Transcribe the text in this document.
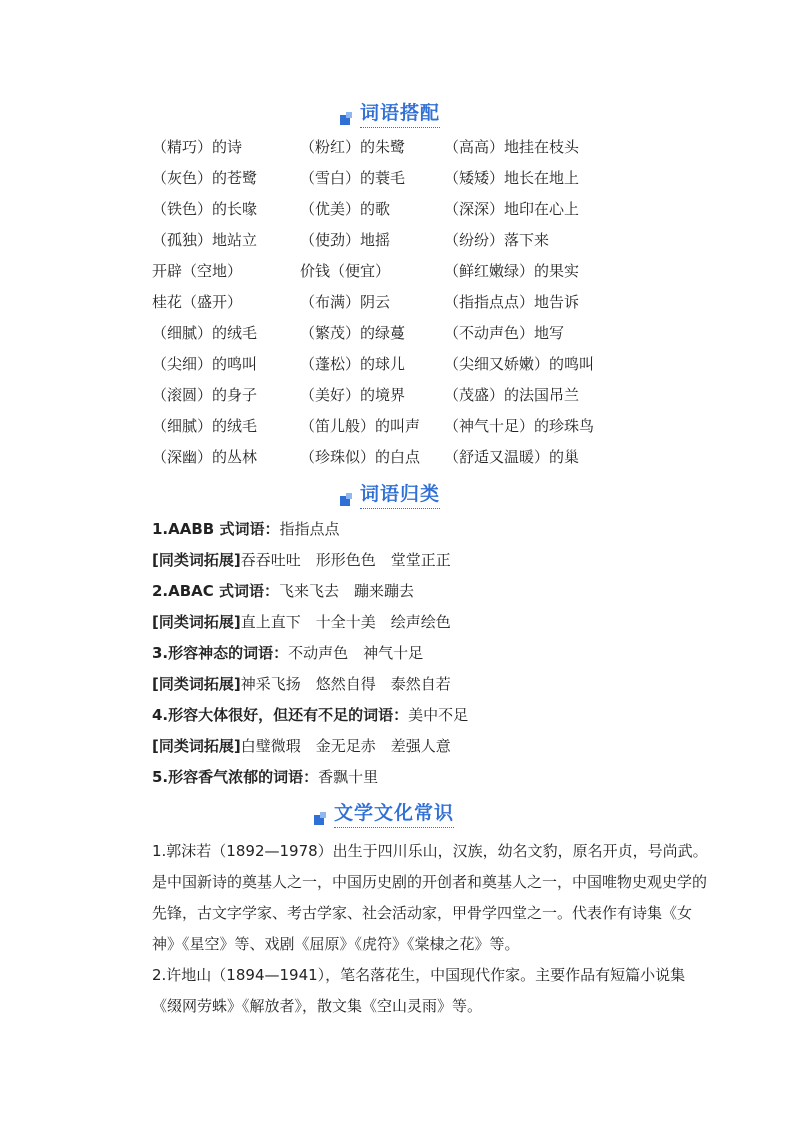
词语搭配
（精巧）的诗	（粉红）的朱鹭	（高高）地挂在枝头
（灰色）的苍鹭	（雪白）的蓑毛	（矮矮）地长在地上
（铁色）的长喙	（优美）的歌	（深深）地印在心上
（孤独）地站立	（使劲）地摇	（纷纷）落下来
开辟（空地）	价钱（便宜）	（鲜红嫩绿）的果实
桂花（盛开）	（布满）阴云	（指指点点）地告诉
（细腻）的绒毛	（繁茂）的绿蔓	（不动声色）地写
（尖细）的鸣叫	（蓬松）的球儿	（尖细又娇嫩）的鸣叫
（滚圆）的身子	（美好）的境界	（茂盛）的法国吊兰
（细腻）的绒毛	（笛儿般）的叫声 （神气十足）的珍珠鸟
（深幽）的丛林	（珍珠似）的白点 （舒适又温暖）的巢
词语归类
1.AABB 式词语：指指点点
[同类词拓展]吞吞吐吐　形形色色　堂堂正正
2.ABAC 式词语：飞来飞去　蹦来蹦去
[同类词拓展]直上直下　十全十美　绘声绘色
3.形容神态的词语：不动声色　神气十足
[同类词拓展]神采飞扬　悠然自得　泰然自若
4.形容大体很好，但还有不足的词语：美中不足
[同类词拓展]白璧微瑕　金无足赤　差强人意
5.形容香气浓郁的词语：香飘十里
文学文化常识

1.郭沫若（1892—1978）出生于四川乐山，汉族，幼名文豹，原名开贞，号尚武。是中国新诗的奠基人之一，中国历史剧的开创者和奠基人之一，中国唯物史观史学的先锋，古文字学家、考古学家、社会活动家，甲骨学四堂之一。代表作有诗集《女神》《星空》等、戏剧《屈原》《虎符》《棠棣之花》等。

2.许地山（1894—1941），笔名落花生，中国现代作家。主要作品有短篇小说集《缀网劳蛛》《解放者》，散文集《空山灵雨》等。
